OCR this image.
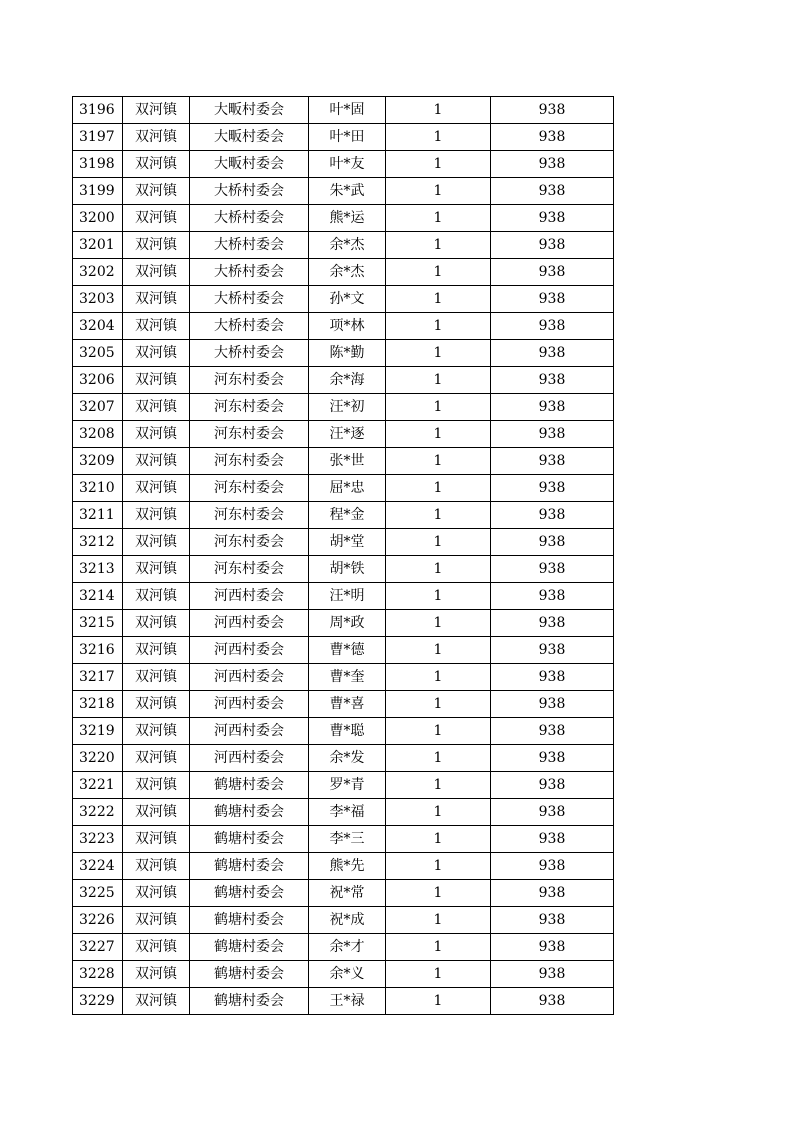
3196	双河镇	大畈村委会	叶*固	1	938
3197	双河镇	大畈村委会	叶*田	1	938
3198	双河镇	大畈村委会	叶*友	1	938
3199	双河镇	大桥村委会	朱*武	1	938
3200	双河镇	大桥村委会	熊*运	1	938
3201	双河镇	大桥村委会	余*杰	1	938
3202	双河镇	大桥村委会	余*杰	1	938
3203	双河镇	大桥村委会	孙*文	1	938
3204	双河镇	大桥村委会	项*林	1	938
3205	双河镇	大桥村委会	陈*勤	1	938
3206	双河镇	河东村委会	余*海	1	938
3207	双河镇	河东村委会	汪*初	1	938
3208	双河镇	河东村委会	汪*逐	1	938
3209	双河镇	河东村委会	张*世	1	938
3210	双河镇	河东村委会	屈*忠	1	938
3211	双河镇	河东村委会	程*金	1	938
3212	双河镇	河东村委会	胡*堂	1	938
3213	双河镇	河东村委会	胡*铁	1	938
3214	双河镇	河西村委会	汪*明	1	938
3215	双河镇	河西村委会	周*政	1	938
3216	双河镇	河西村委会	曹*德	1	938
3217	双河镇	河西村委会	曹*奎	1	938
3218	双河镇	河西村委会	曹*喜	1	938
3219	双河镇	河西村委会	曹*聪	1	938
3220	双河镇	河西村委会	余*发	1	938
3221	双河镇	鹤塘村委会	罗*青	1	938
3222	双河镇	鹤塘村委会	李*福	1	938
3223	双河镇	鹤塘村委会	李*三	1	938
3224	双河镇	鹤塘村委会	熊*先	1	938
3225	双河镇	鹤塘村委会	祝*常	1	938
3226	双河镇	鹤塘村委会	祝*成	1	938
3227	双河镇	鹤塘村委会	余*才	1	938
3228	双河镇	鹤塘村委会	余*义	1	938
3229	双河镇	鹤塘村委会	王*禄	1	938
